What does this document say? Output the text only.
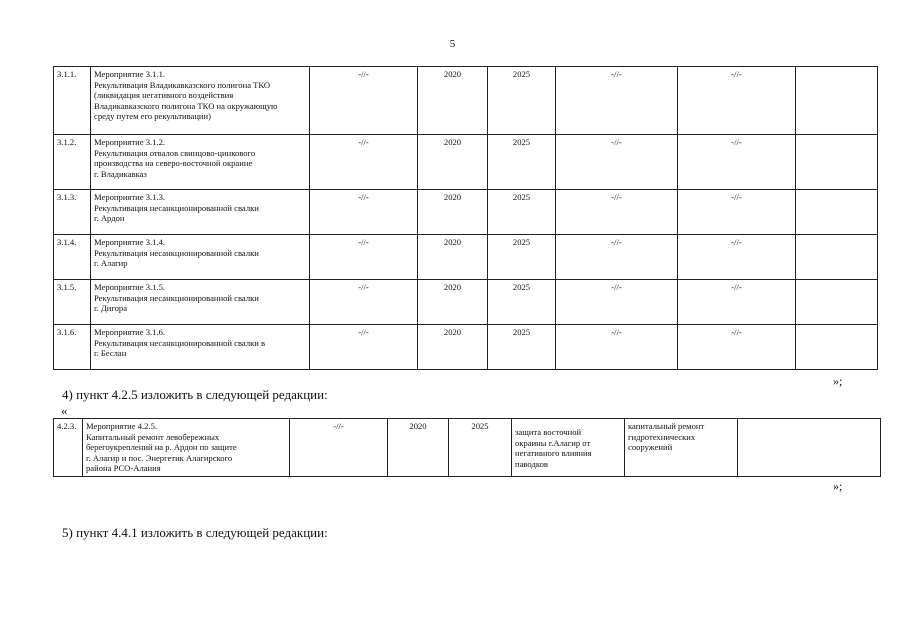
5
3.1.1.	Мероприятие 3.1.1.
Рекультивация Владикавказского полигона ТКО
(ликвидация негативного воздействия
Владикавказского полигона ТКО на окружающую
среду путем его рекультивации)	-//-	2020	2025	-//-	-//-	
3.1.2.	Мероприятие 3.1.2.
Рекультивация отвалов свинцово-цинкового
производства на северо-восточной окраине
г. Владикавказ	-//-	2020	2025	-//-	-//-	
3.1.3.	Мероприятие 3.1.3.
Рекультивация несанкционированной свалки
г. Ардон	-//-	2020	2025	-//-	-//-	
3.1.4.	Мероприятие 3.1.4.
Рекультивация несанкционированной свалки
г. Алагир	-//-	2020	2025	-//-	-//-	
3.1.5.	Мероприятие 3.1.5.
Рекультивация несанкционированной свалки
г. Дигора	-//-	2020	2025	-//-	-//-	
3.1.6.	Мероприятие 3.1.6.
Рекультивация несанкционированной свалки в
г. Беслан	-//-	2020	2025	-//-	-//-	
»;
4) пункт 4.2.5 изложить в следующей редакции:
«
4.2.3.	Мероприятие 4.2.5.
Капитальный ремонт левобережных
берегоукреплений на р. Ардон по защите
г. Алагир и пос. Энергетик Алагирского
района РСО-Алания	-//-	2020	2025	защита восточной
окраины г.Алагир от
негативного влияния
паводков	капитальный ремонт
гидротехнических
сооружений	
»;
5) пункт 4.4.1 изложить в следующей редакции:
